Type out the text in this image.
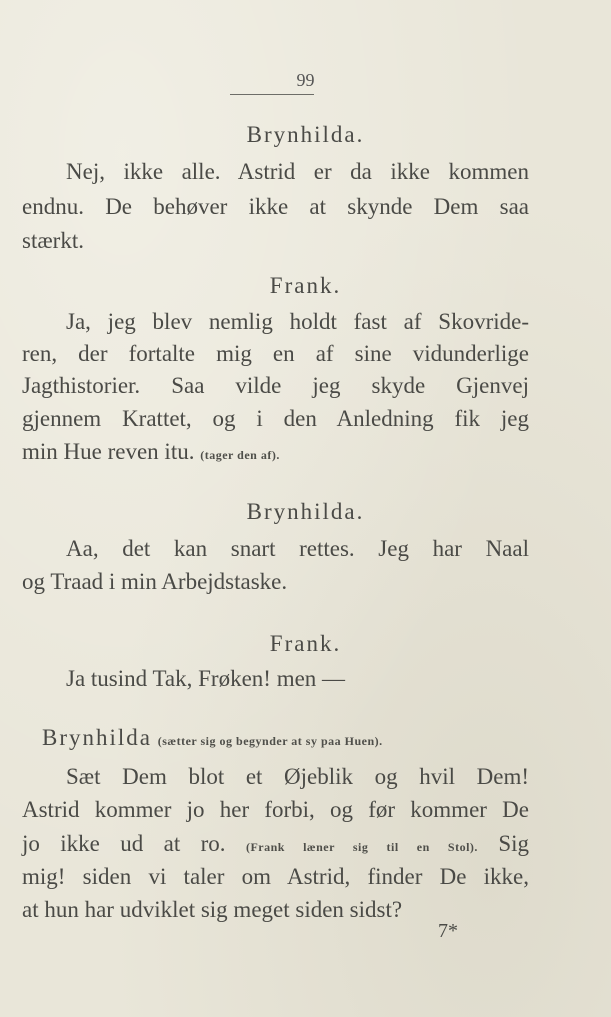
99
Brynhilda.
Nej, ikke alle. Astrid er da ikke kommen
endnu. De behøver ikke at skynde Dem saa
stærkt.
Frank.
Ja, jeg blev nemlig holdt fast af Skovride-
ren, der fortalte mig en af sine vidunderlige
Jagthistorier. Saa vilde jeg skyde Gjenvej
gjennem Krattet, og i den Anledning fik jeg
min Hue reven itu. (tager den af).
Brynhilda.
Aa, det kan snart rettes. Jeg har Naal
og Traad i min Arbejdstaske.
Frank.
Ja tusind Tak, Frøken! men —
Brynhilda (sætter sig og begynder at sy paa Huen).
Sæt Dem blot et Øjeblik og hvil Dem!
Astrid kommer jo her forbi, og før kommer De
jo ikke ud at ro. (Frank læner sig til en Stol). Sig
mig! siden vi taler om Astrid, finder De ikke,
at hun har udviklet sig meget siden sidst?
7*
